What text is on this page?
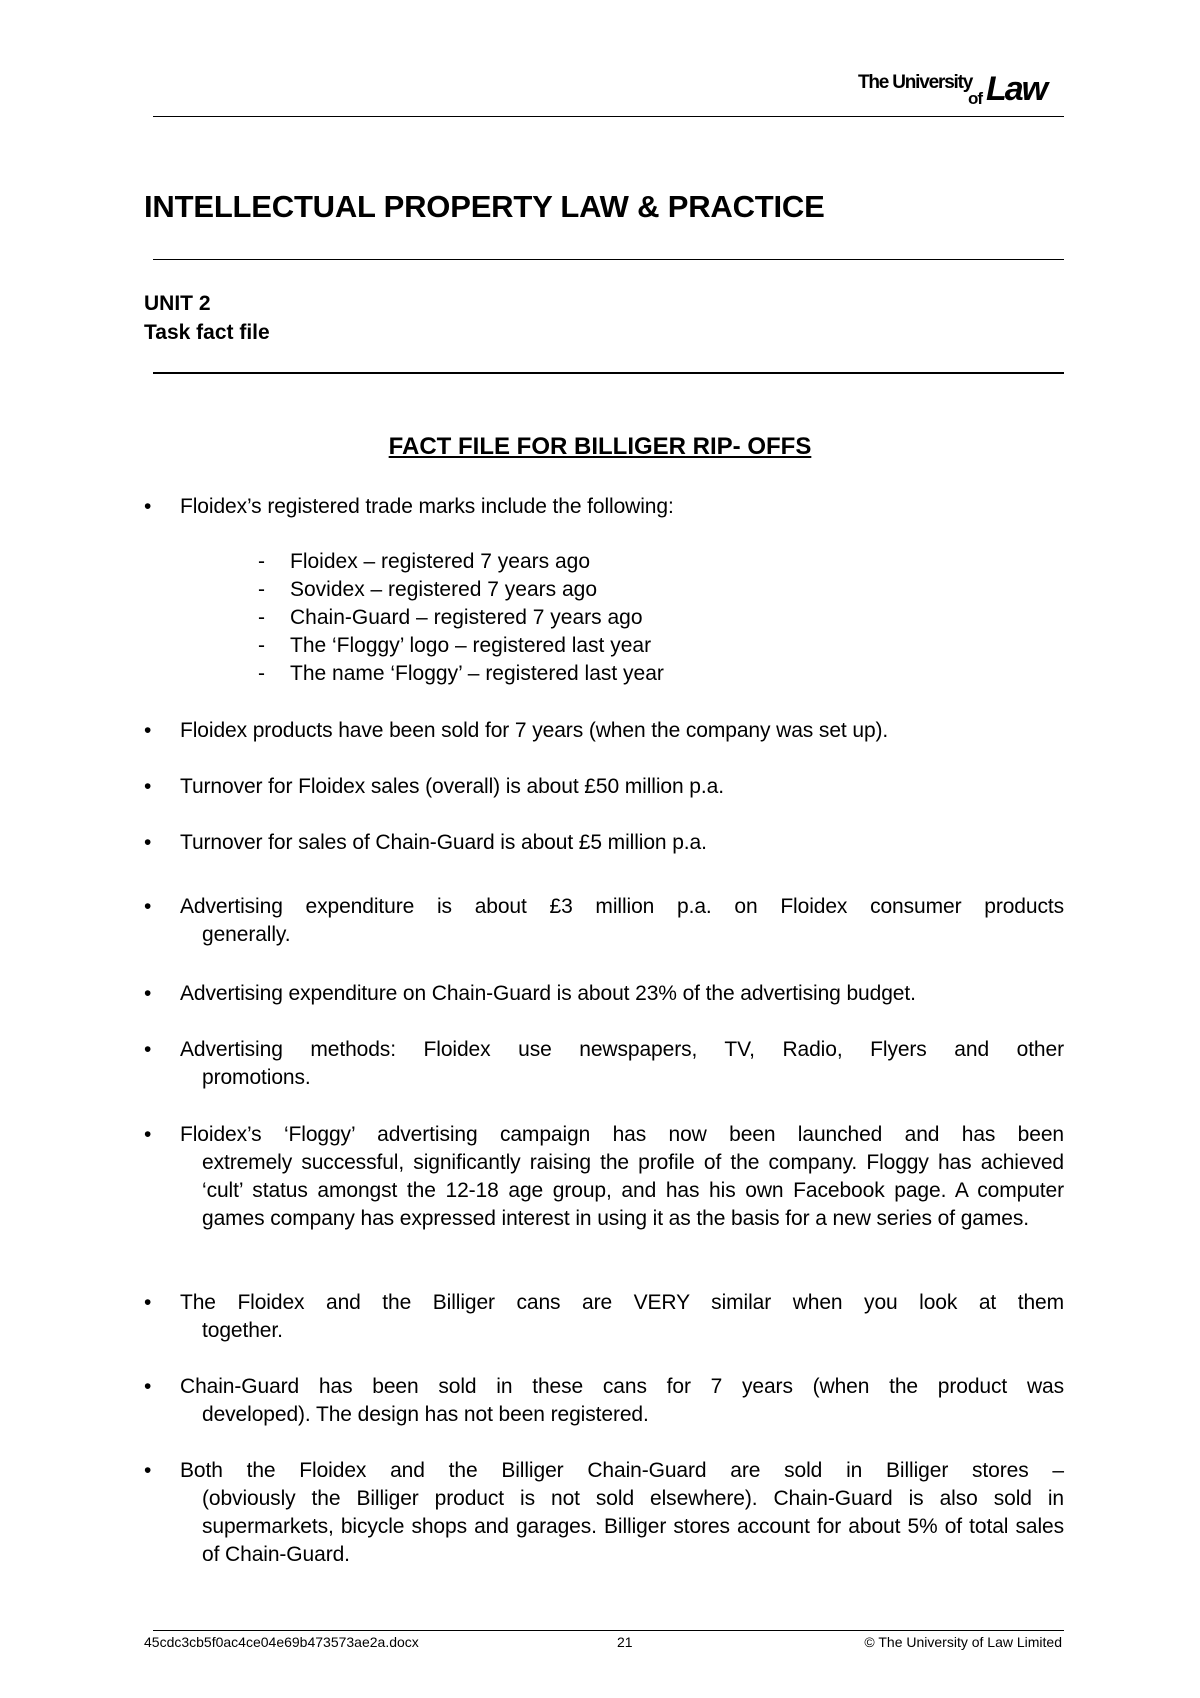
The University
of Law
INTELLECTUAL PROPERTY LAW & PRACTICE
UNIT 2
Task fact file
FACT FILE FOR BILLIGER RIP- OFFS
•	Floidex’s registered trade marks include the following:
- Floidex – registered 7 years ago
- Sovidex – registered 7 years ago
- Chain-Guard – registered 7 years ago
- The ‘Floggy’ logo – registered last year
- The name ‘Floggy’ – registered last year
•	Floidex products have been sold for 7 years (when the company was set up).
•	Turnover for Floidex sales (overall) is about £50 million p.a.
•	Turnover for sales of Chain-Guard is about £5 million p.a.
•	Advertising expenditure is about £3 million p.a. on Floidex consumer products
generally.
•	Advertising expenditure on Chain-Guard is about 23% of the advertising budget.
•	Advertising methods: Floidex use newspapers, TV, Radio, Flyers and other
promotions.
•	Floidex’s ‘Floggy’ advertising campaign has now been launched and has been
extremely successful, significantly raising the profile of the company. Floggy has achieved ‘cult’ status amongst the 12-18 age group, and has his own Facebook page. A computer games company has expressed interest in using it as the basis for a new series of games.
•	The Floidex and the Billiger cans are VERY similar when you look at them
together.
•	Chain-Guard has been sold in these cans for 7 years (when the product was
developed). The design has not been registered.
•	Both the Floidex and the Billiger Chain-Guard are sold in Billiger stores –
(obviously the Billiger product is not sold elsewhere). Chain-Guard is also sold in supermarkets, bicycle shops and garages. Billiger stores account for about 5% of total sales of Chain-Guard.
45cdc3cb5f0ac4ce04e69b473573ae2a.docx	21	© The University of Law Limited
